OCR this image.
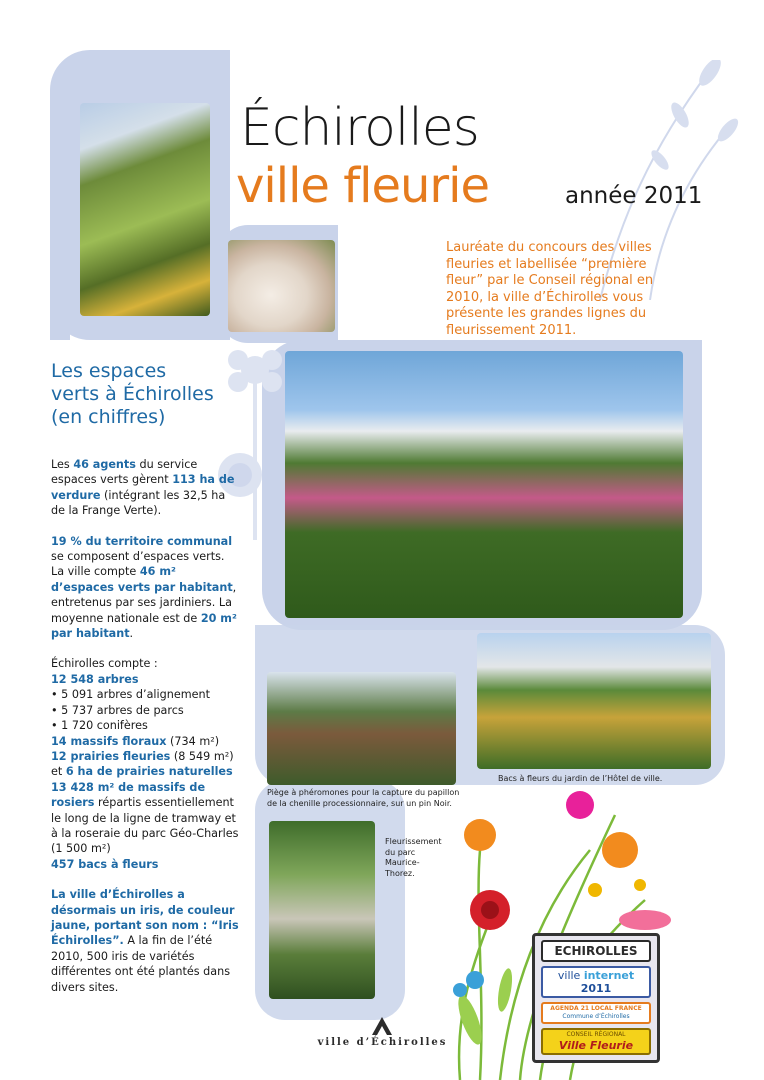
Échirolles
ville fleurie	année 2011
Lauréate du concours des villes fleuries et labellisée “première fleur” par le Conseil régional en 2010, la ville d’Échirolles vous présente les grandes lignes du fleurissement 2011.
Les espaces
verts à Échirolles
(en chiffres)

Les 46 agents du service espaces verts gèrent 113 ha de verdure (intégrant les 32,5 ha de la Frange Verte).

19 % du territoire communal se composent d’espaces verts. La ville compte 46 m² d’espaces verts par habitant, entretenus par ses jardiniers. La moyenne nationale est de 20 m² par habitant.

Échirolles compte :
12 548 arbres
• 5 091 arbres d’alignement
• 5 737 arbres de parcs
• 1 720 conifères
14 massifs floraux (734 m²)
12 prairies fleuries (8 549 m²)
et 6 ha de prairies naturelles
13 428 m² de massifs de rosiers répartis essentiellement le long de la ligne de tramway et à la roseraie du parc Géo-Charles (1 500 m²)
457 bacs à fleurs

La ville d’Échirolles a désormais un iris, de couleur jaune, portant son nom : “Iris Échirolles”. A la fin de l’été 2010, 500 iris de variétés différentes ont été plantés dans divers sites.

Piège à phéromones pour la capture du papillon de la chenille processionnaire, sur un pin Noir.
Bacs à fleurs du jardin de l’Hôtel de ville.
Fleurissement du parc Maurice-Thorez.
ECHIROLLES
ville internet 2011
AGENDA 21 LOCAL FRANCE
Commune d’Échirolles
CONSEIL RÉGIONAL
Ville Fleurie
ville d’Échirolles
